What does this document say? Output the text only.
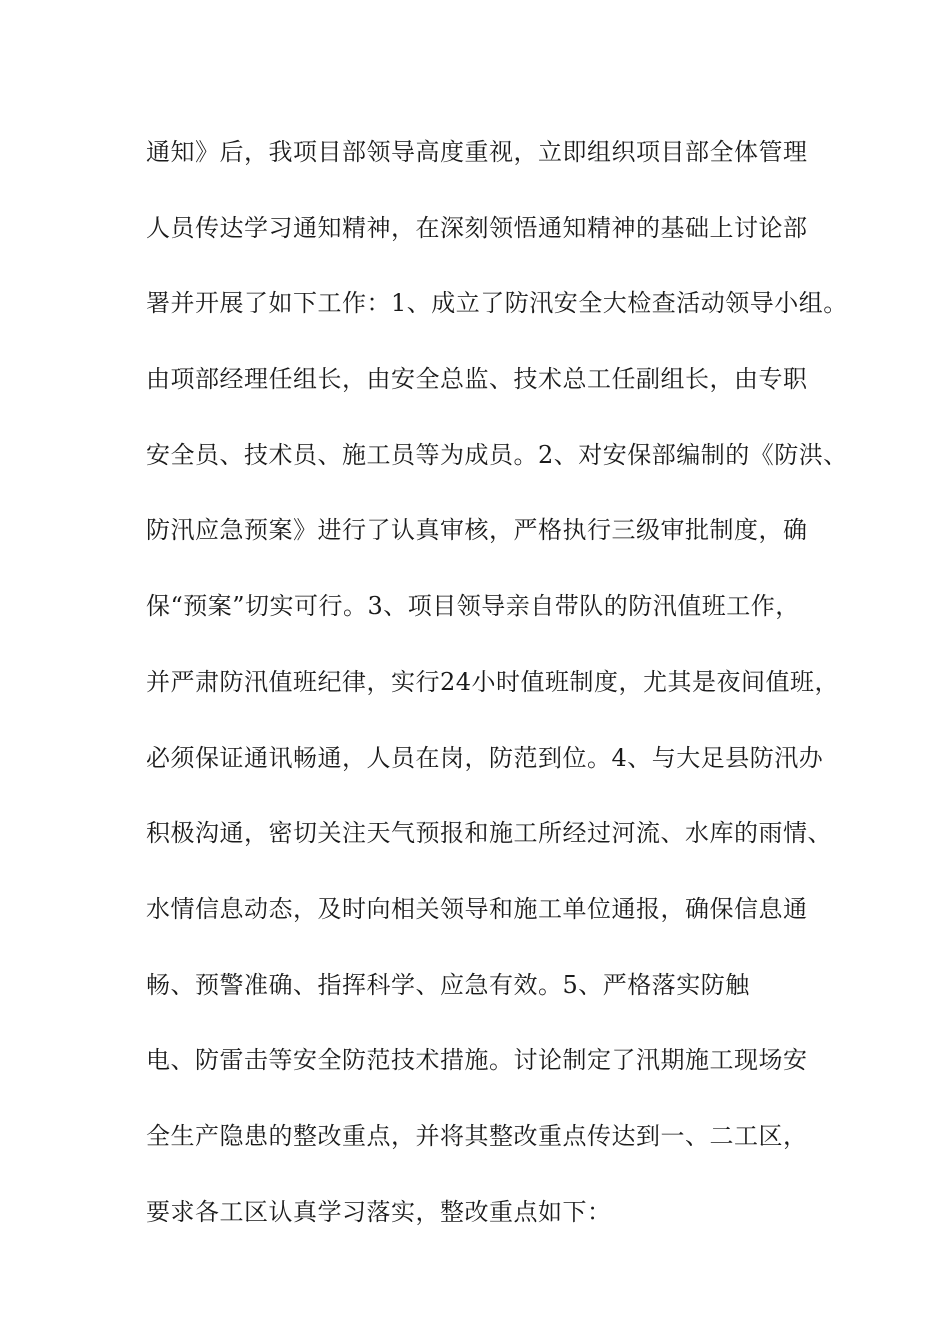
通知》后，我项目部领导高度重视，立即组织项目部全体管理
人员传达学习通知精神，在深刻领悟通知精神的基础上讨论部
署并开展了如下工作：1、成立了防汛安全大检查活动领导小组。
由项部经理任组长，由安全总监、技术总工任副组长，由专职
安全员、技术员、施工员等为成员。2、对安保部编制的《防洪、
防汛应急预案》进行了认真审核，严格执行三级审批制度，确
保“预案”切实可行。3、项目领导亲自带队的防汛值班工作，
并严肃防汛值班纪律，实行24小时值班制度，尤其是夜间值班，
必须保证通讯畅通，人员在岗，防范到位。4、与大足县防汛办
积极沟通，密切关注天气预报和施工所经过河流、水库的雨情、
水情信息动态，及时向相关领导和施工单位通报，确保信息通
畅、预警准确、指挥科学、应急有效。5、严格落实防触
电、防雷击等安全防范技术措施。讨论制定了汛期施工现场安
全生产隐患的整改重点，并将其整改重点传达到一、二工区，
要求各工区认真学习落实，整改重点如下：
